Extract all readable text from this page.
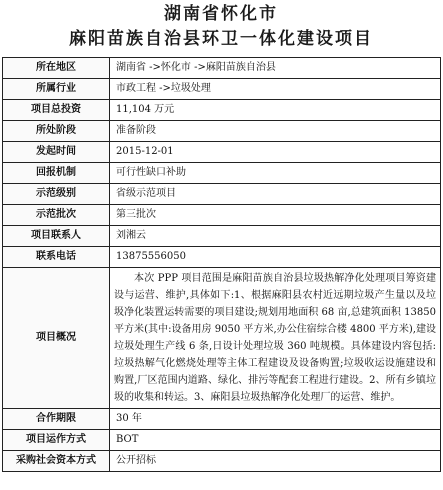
湖南省怀化市
麻阳苗族自治县环卫一体化建设项目
所在地区	湖南省 ->怀化市 ->麻阳苗族自治县
所属行业	市政工程 ->垃圾处理
项目总投资	11,104 万元
所处阶段	准备阶段
发起时间	2015-12-01
回报机制	可行性缺口补助
示范级别	省级示范项目
示范批次	第三批次
项目联系人	刘湘云
联系电话	13875556050
项目概况	本次 PPP 项目范围是麻阳苗族自治县垃圾热解净化处理项目筹资建设与运营、维护,具体如下:1、根据麻阳县农村近远期垃圾产生量以及垃圾净化装置运转需要的项目建设;规划用地面积 68 亩,总建筑面积 13850 平方米(其中:设备用房 9050 平方米,办公住宿综合楼 4800 平方米),建设垃圾处理生产线 6 条,日设计处理垃圾 360 吨规模。具体建设内容包括:垃圾热解气化燃烧处理等主体工程建设及设备购置;垃圾收运设施建设和购置,厂区范围内道路、绿化、排污等配套工程进行建设。2、所有乡镇垃圾的收集和转运。3、麻阳县垃圾热解净化处理厂的运营、维护。
合作期限	30 年
项目运作方式	BOT
采购社会资本方式	公开招标
